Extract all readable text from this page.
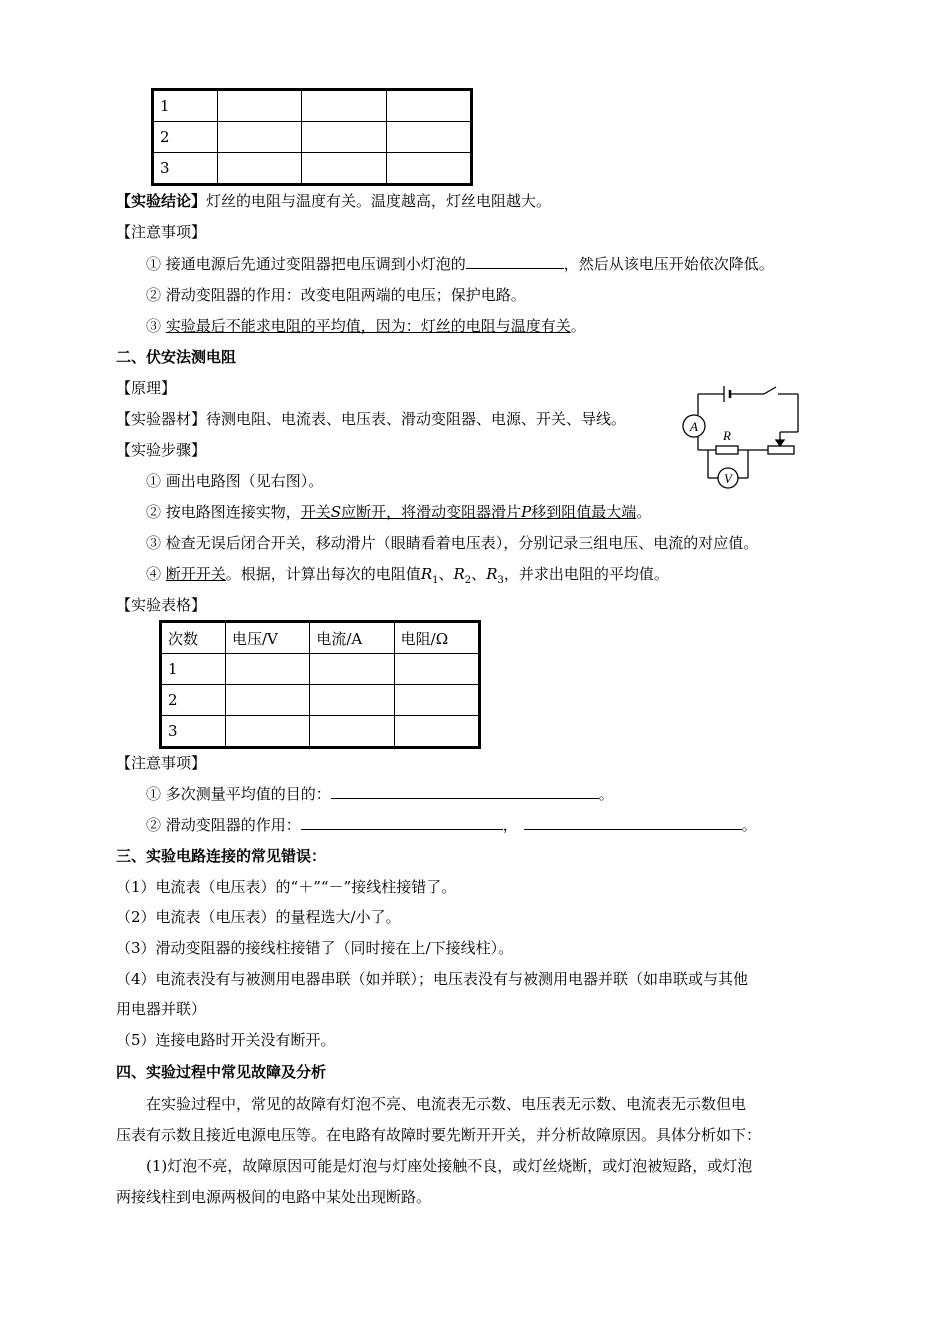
1			
2			
3			
【实验结论】灯丝的电阻与温度有关。温度越高，灯丝电阻越大。
【注意事项】
① 接通电源后先通过变阻器把电压调到小灯泡的	，然后从该电压开始依次降低。
② 滑动变阻器的作用：改变电阻两端的电压；保护电路。
③ 实验最后不能求电阻的平均值，因为：灯丝的电阻与温度有关。
二、伏安法测电阻
【原理】
【实验器材】待测电阻、电流表、电压表、滑动变阻器、电源、开关、导线。
【实验步骤】
① 画出电路图（见右图）。
② 按电路图连接实物，开关S应断开，将滑动变阻器滑片P移到阻值最大端。
③ 检查无误后闭合开关，移动滑片（眼睛看着电压表），分别记录三组电压、电流的对应值。
④ 断开开关。根据，计算出每次的电阻值$R_1$、$R_2$、$R_3$，并求出电阻的平均值。
【实验表格】
A
V
R
次数	电压/V	电流/A	电阻/Ω
1			
2			
3			
【注意事项】
① 多次测量平均值的目的：	。
② 滑动变阻器的作用：	，	。
三、实验电路连接的常见错误：
（1）电流表（电压表）的“＋”“－”接线柱接错了。
（2）电流表（电压表）的量程选大/小了。
（3）滑动变阻器的接线柱接错了（同时接在上/下接线柱）。
（4）电流表没有与被测用电器串联（如并联）；电压表没有与被测用电器并联（如串联或与其他
用电器并联）
（5）连接电路时开关没有断开。
四、实验过程中常见故障及分析
在实验过程中，常见的故障有灯泡不亮、电流表无示数、电压表无示数、电流表无示数但电
压表有示数且接近电源电压等。在电路有故障时要先断开开关，并分析故障原因。具体分析如下：
(1)灯泡不亮，故障原因可能是灯泡与灯座处接触不良，或灯丝烧断，或灯泡被短路，或灯泡
两接线柱到电源两极间的电路中某处出现断路。
